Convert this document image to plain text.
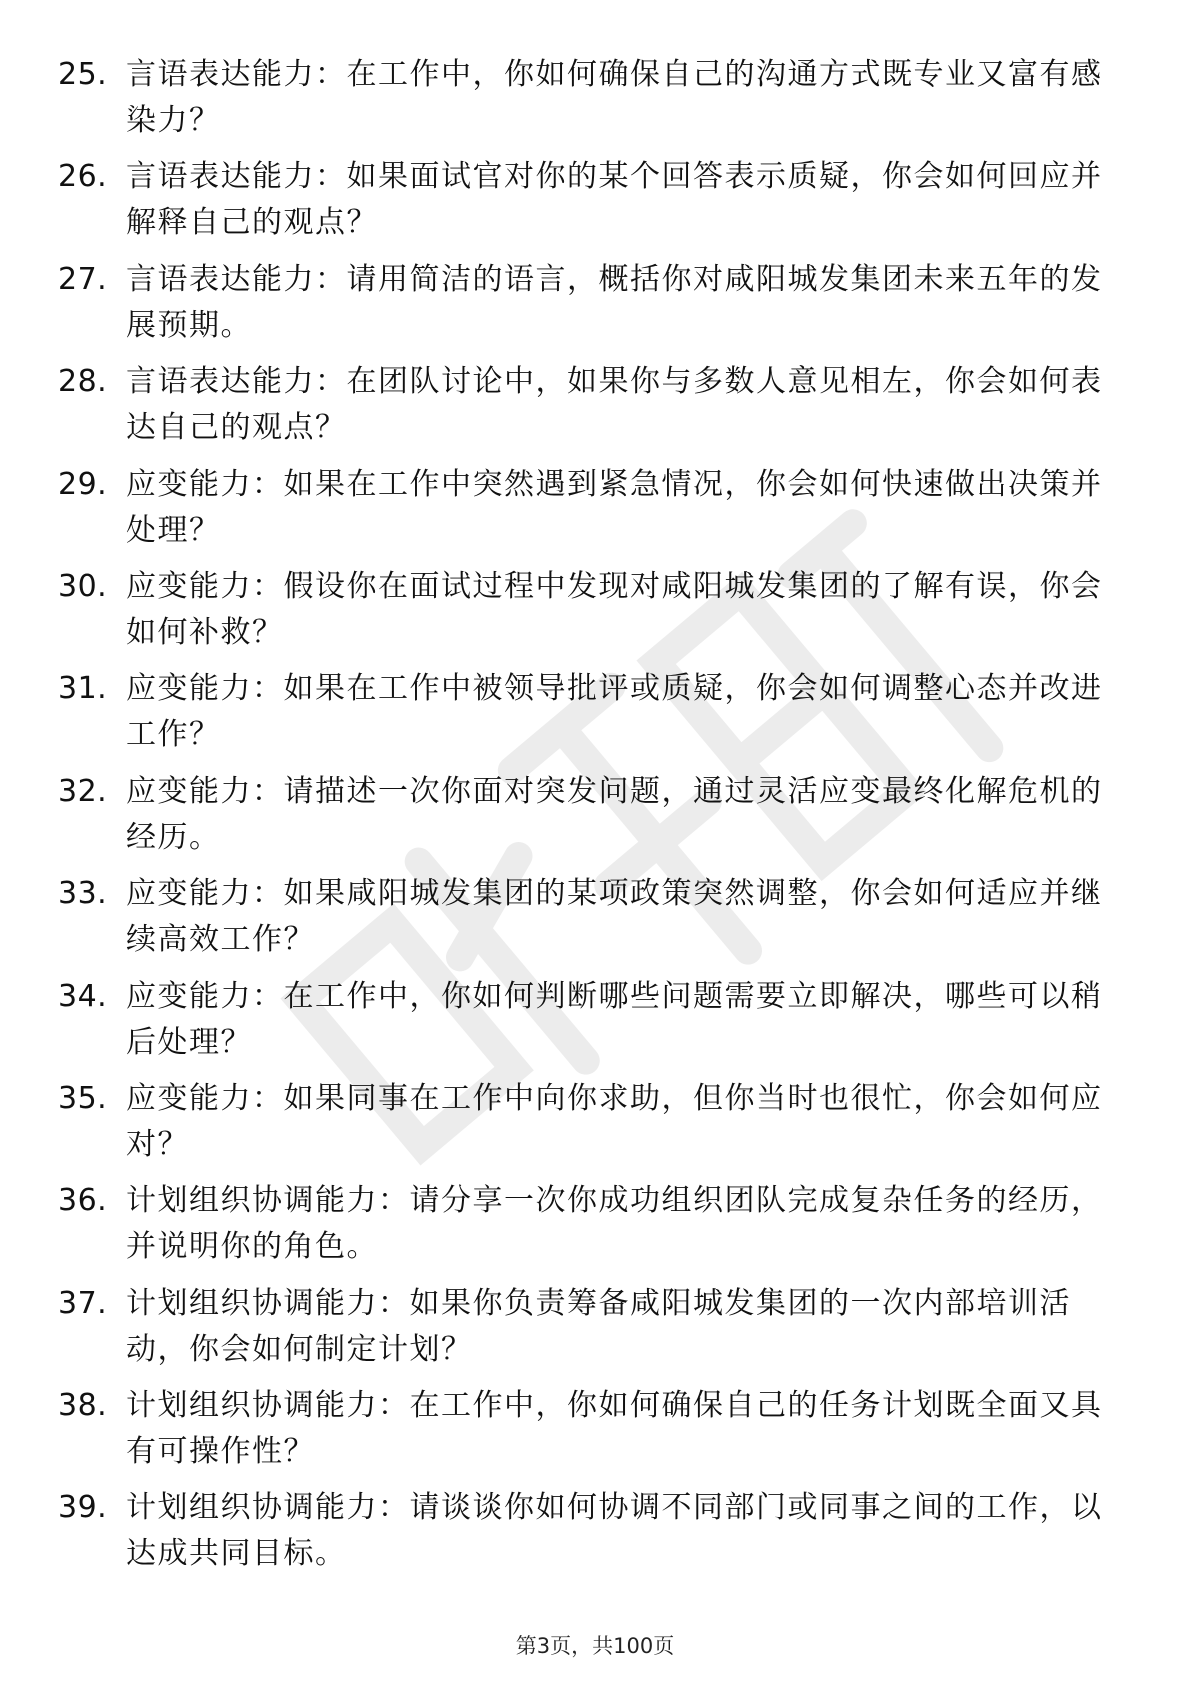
25. 言语表达能力：在工作中，你如何确保自己的沟通方式既专业又富有感染力？
26. 言语表达能力：如果面试官对你的某个回答表示质疑，你会如何回应并解释自己的观点？
27. 言语表达能力：请用简洁的语言，概括你对咸阳城发集团未来五年的发展预期。
28. 言语表达能力：在团队讨论中，如果你与多数人意见相左，你会如何表达自己的观点？
29. 应变能力：如果在工作中突然遇到紧急情况，你会如何快速做出决策并处理？
30. 应变能力：假设你在面试过程中发现对咸阳城发集团的了解有误，你会如何补救？
31. 应变能力：如果在工作中被领导批评或质疑，你会如何调整心态并改进工作？
32. 应变能力：请描述一次你面对突发问题，通过灵活应变最终化解危机的经历。
33. 应变能力：如果咸阳城发集团的某项政策突然调整，你会如何适应并继续高效工作？
34. 应变能力：在工作中，你如何判断哪些问题需要立即解决，哪些可以稍后处理？
35. 应变能力：如果同事在工作中向你求助，但你当时也很忙，你会如何应对？
36. 计划组织协调能力：请分享一次你成功组织团队完成复杂任务的经历，并说明你的角色。
37. 计划组织协调能力：如果你负责筹备咸阳城发集团的一次内部培训活动，你会如何制定计划？
38. 计划组织协调能力：在工作中，你如何确保自己的任务计划既全面又具有可操作性？
39. 计划组织协调能力：请谈谈你如何协调不同部门或同事之间的工作，以达成共同目标。
第3页，共100页
